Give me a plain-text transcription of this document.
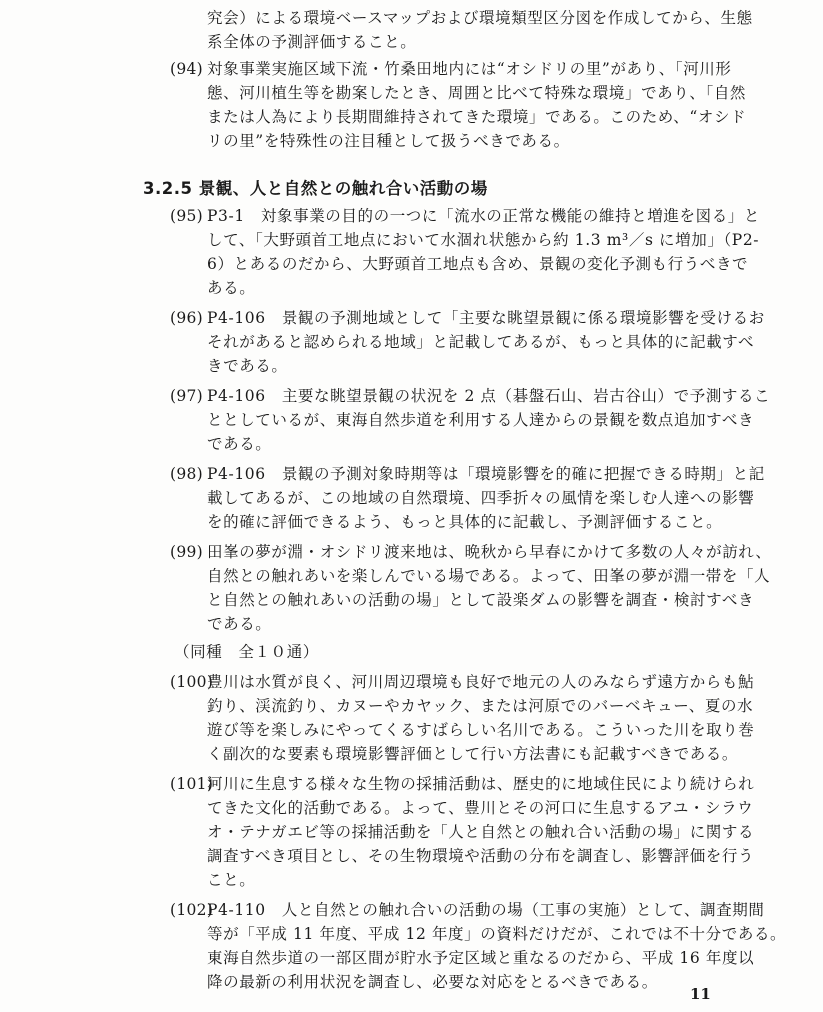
究会）による環境ベースマップおよび環境類型区分図を作成してから、生態

系全体の予測評価すること。

(94) 対象事業実施区域下流・竹桑田地内には“オシドリの里”があり、「河川形

態、河川植生等を勘案したとき、周囲と比べて特殊な環境」であり、「自然

または人為により長期間維持されてきた環境」である。このため、“オシド

リの里”を特殊性の注目種として扱うべきである。

3.2.5 景観、人と自然との触れ合い活動の場
(95) P3-1　対象事業の目的の一つに「流水の正常な機能の維持と増進を図る」と

して、「大野頭首工地点において水涸れ状態から約 1.3 m³／s に増加」（P2-

6）とあるのだから、大野頭首工地点も含め、景観の変化予測も行うべきで

ある。

(96) P4-106　景観の予測地域として「主要な眺望景観に係る環境影響を受けるお

それがあると認められる地域」と記載してあるが、もっと具体的に記載すべ

きである。

(97) P4-106　主要な眺望景観の状況を 2 点（碁盤石山、岩古谷山）で予測するこ

ととしているが、東海自然歩道を利用する人達からの景観を数点追加すべき

である。

(98) P4-106　景観の予測対象時期等は「環境影響を的確に把握できる時期」と記

載してあるが、この地域の自然環境、四季折々の風情を楽しむ人達への影響

を的確に評価できるよう、もっと具体的に記載し、予測評価すること。

(99) 田峯の夢が淵・オシドリ渡来地は、晩秋から早春にかけて多数の人々が訪れ、

自然との触れあいを楽しんでいる場である。よって、田峯の夢が淵一帯を「人

と自然との触れあいの活動の場」として設楽ダムの影響を調査・検討すべき

である。

（同種　全１０通）

(100)

豊川は水質が良く、河川周辺環境も良好で地元の人のみならず遠方からも鮎

釣り、渓流釣り、カヌーやカヤック、または河原でのバーベキュー、夏の水

遊び等を楽しみにやってくるすばらしい名川である。こういった川を取り巻

く副次的な要素も環境影響評価として行い方法書にも記載すべきである。

(101)

河川に生息する様々な生物の採捕活動は、歴史的に地域住民により続けられ

てきた文化的活動である。よって、豊川とその河口に生息するアユ・シラウ

オ・テナガエビ等の採捕活動を「人と自然との触れ合い活動の場」に関する

調査すべき項目とし、その生物環境や活動の分布を調査し、影響評価を行う

こと。

(102)

P4-110　人と自然との触れ合いの活動の場（工事の実施）として、調査期間

等が「平成 11 年度、平成 12 年度」の資料だけだが、これでは不十分である。

東海自然歩道の一部区間が貯水予定区域と重なるのだから、平成 16 年度以

降の最新の利用状況を調査し、必要な対応をとるべきである。

11
